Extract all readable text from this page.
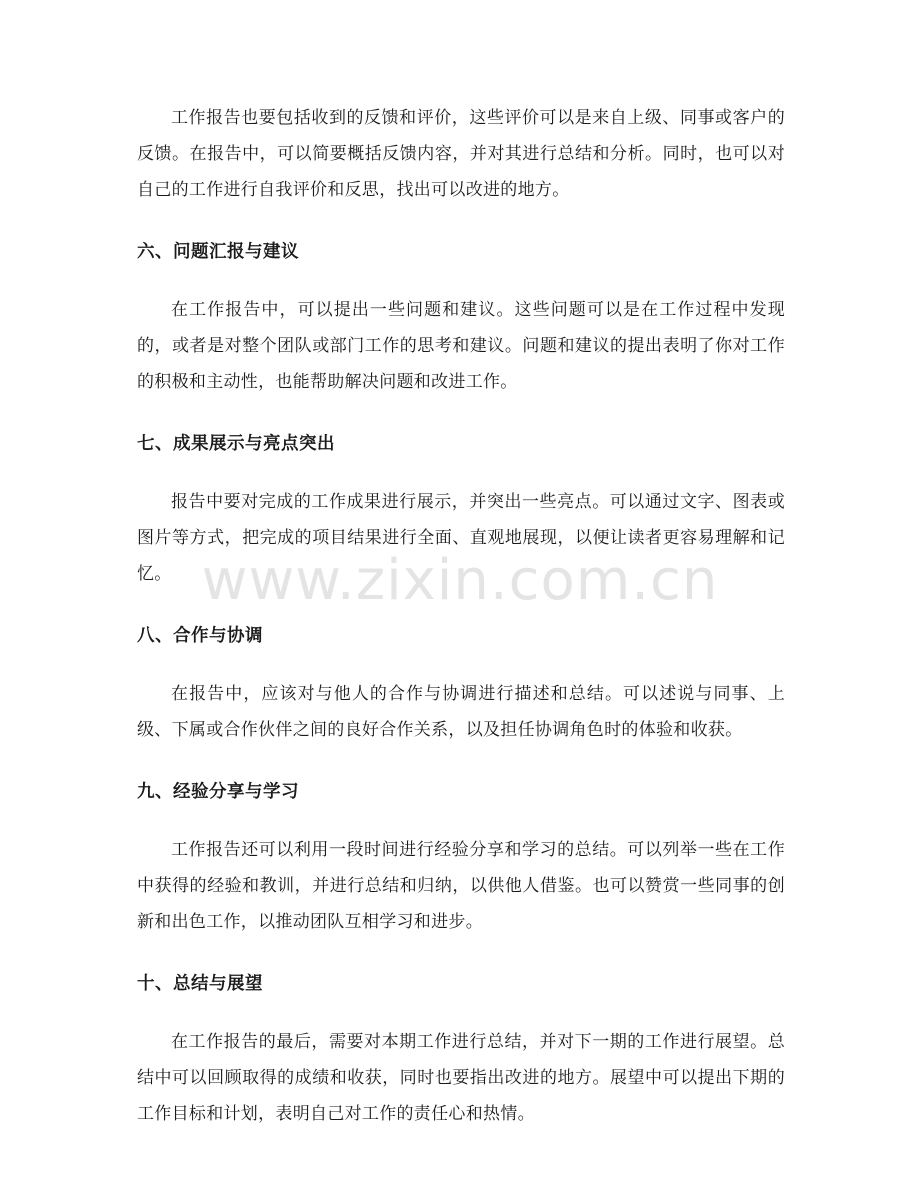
工作报告也要包括收到的反馈和评价，这些评价可以是来自上级、同事或客户的反馈。在报告中，可以简要概括反馈内容，并对其进行总结和分析。同时，也可以对自己的工作进行自我评价和反思，找出可以改进的地方。

六、问题汇报与建议

在工作报告中，可以提出一些问题和建议。这些问题可以是在工作过程中发现的，或者是对整个团队或部门工作的思考和建议。问题和建议的提出表明了你对工作的积极和主动性，也能帮助解决问题和改进工作。

七、成果展示与亮点突出

报告中要对完成的工作成果进行展示，并突出一些亮点。可以通过文字、图表或图片等方式，把完成的项目结果进行全面、直观地展现，以便让读者更容易理解和记忆。

八、合作与协调

在报告中，应该对与他人的合作与协调进行描述和总结。可以述说与同事、上级、下属或合作伙伴之间的良好合作关系，以及担任协调角色时的体验和收获。

九、经验分享与学习

工作报告还可以利用一段时间进行经验分享和学习的总结。可以列举一些在工作中获得的经验和教训，并进行总结和归纳，以供他人借鉴。也可以赞赏一些同事的创新和出色工作，以推动团队互相学习和进步。

十、总结与展望

在工作报告的最后，需要对本期工作进行总结，并对下一期的工作进行展望。总结中可以回顾取得的成绩和收获，同时也要指出改进的地方。展望中可以提出下期的工作目标和计划，表明自己对工作的责任心和热情。

www.zixin.com.cn
